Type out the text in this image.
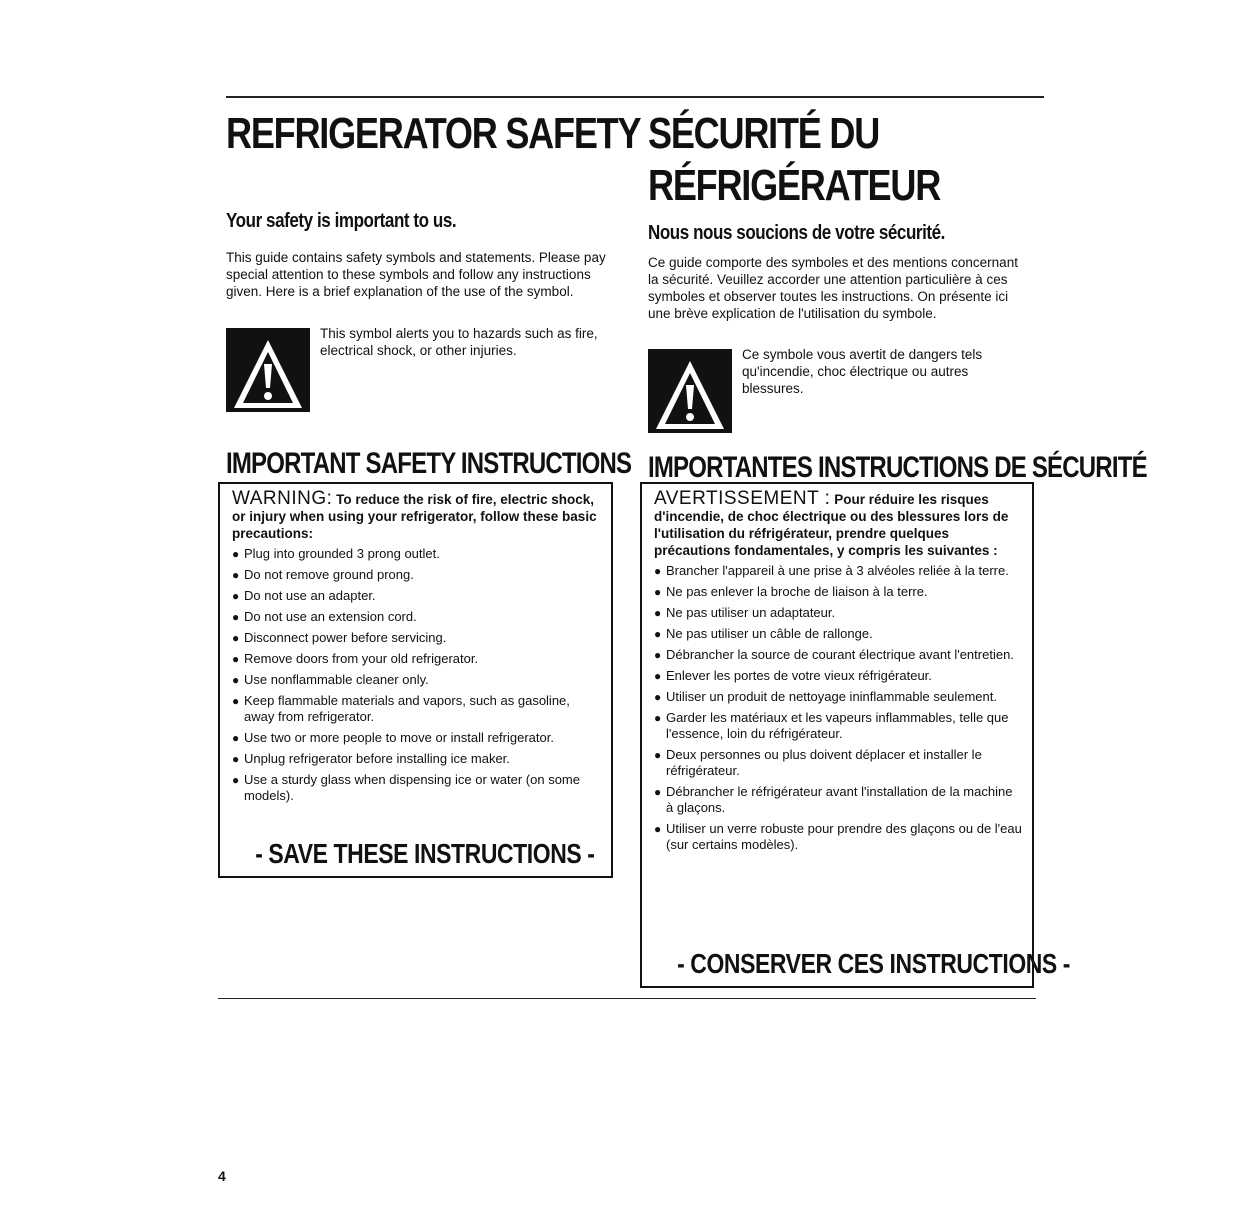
REFRIGERATOR SAFETY
Your safety is important to us.

This guide contains safety symbols and statements. Please pay special attention to these symbols and follow any instructions given. Here is a brief explanation of the use of the symbol.

This symbol alerts you to hazards such as fire, electrical shock, or other injuries.

IMPORTANT SAFETY INSTRUCTIONS

WARNING: To reduce the risk of fire, electric shock, or injury when using your refrigerator, follow these basic precautions:

● Plug into grounded 3 prong outlet.
● Do not remove ground prong.
● Do not use an adapter.
● Do not use an extension cord.
● Disconnect power before servicing.
● Remove doors from your old refrigerator.
● Use nonflammable cleaner only.
● Keep flammable materials and vapors, such as gasoline, away from refrigerator.
● Use two or more people to move or install refrigerator.
● Unplug refrigerator before installing ice maker.
● Use a sturdy glass when dispensing ice or water (on some models).

- SAVE THESE INSTRUCTIONS -

SÉCURITÉ DU
RÉFRIGÉRATEUR
Nous nous soucions de votre sécurité.

Ce guide comporte des symboles et des mentions concernant la sécurité. Veuillez accorder une attention particulière à ces symboles et observer toutes les instructions. On présente ici une brève explication de l'utilisation du symbole.

Ce symbole vous avertit de dangers tels qu'incendie, choc électrique ou autres blessures.

IMPORTANTES INSTRUCTIONS DE SÉCURITÉ

AVERTISSEMENT : Pour réduire les risques d'incendie, de choc électrique ou des blessures lors de l'utilisation du réfrigérateur, prendre quelques précautions fondamentales, y compris les suivantes :

● Brancher l'appareil à une prise à 3 alvéoles reliée à la terre.
● Ne pas enlever la broche de liaison à la terre.
● Ne pas utiliser un adaptateur.
● Ne pas utiliser un câble de rallonge.
● Débrancher la source de courant électrique avant l'entretien.
● Enlever les portes de votre vieux réfrigérateur.
● Utiliser un produit de nettoyage ininflammable seulement.
● Garder les matériaux et les vapeurs inflammables, telle que l'essence, loin du réfrigérateur.
● Deux personnes ou plus doivent déplacer et installer le réfrigérateur.
● Débrancher le réfrigérateur avant l'installation de la machine à glaçons.
● Utiliser un verre robuste pour prendre des glaçons ou de l'eau (sur certains modèles).

- CONSERVER CES INSTRUCTIONS -

4
